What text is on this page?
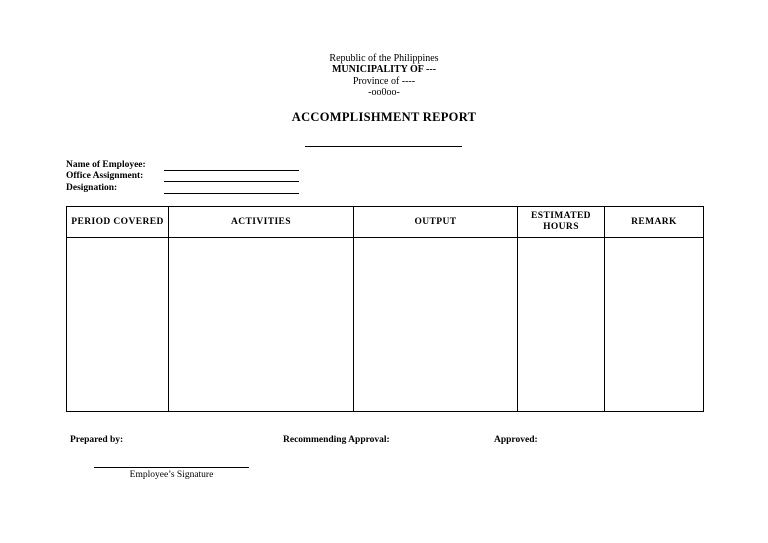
Republic of the Philippines
MUNICIPALITY OF ---
Province of ----
-oo0oo-
ACCOMPLISHMENT REPORT
Name of Employee:
Office Assignment:
Designation:
PERIOD COVERED	ACTIVITIES	OUTPUT	ESTIMATED HOURS	REMARK

Prepared by:	Recommending Approval:	Approved:
Employee’s Signature
